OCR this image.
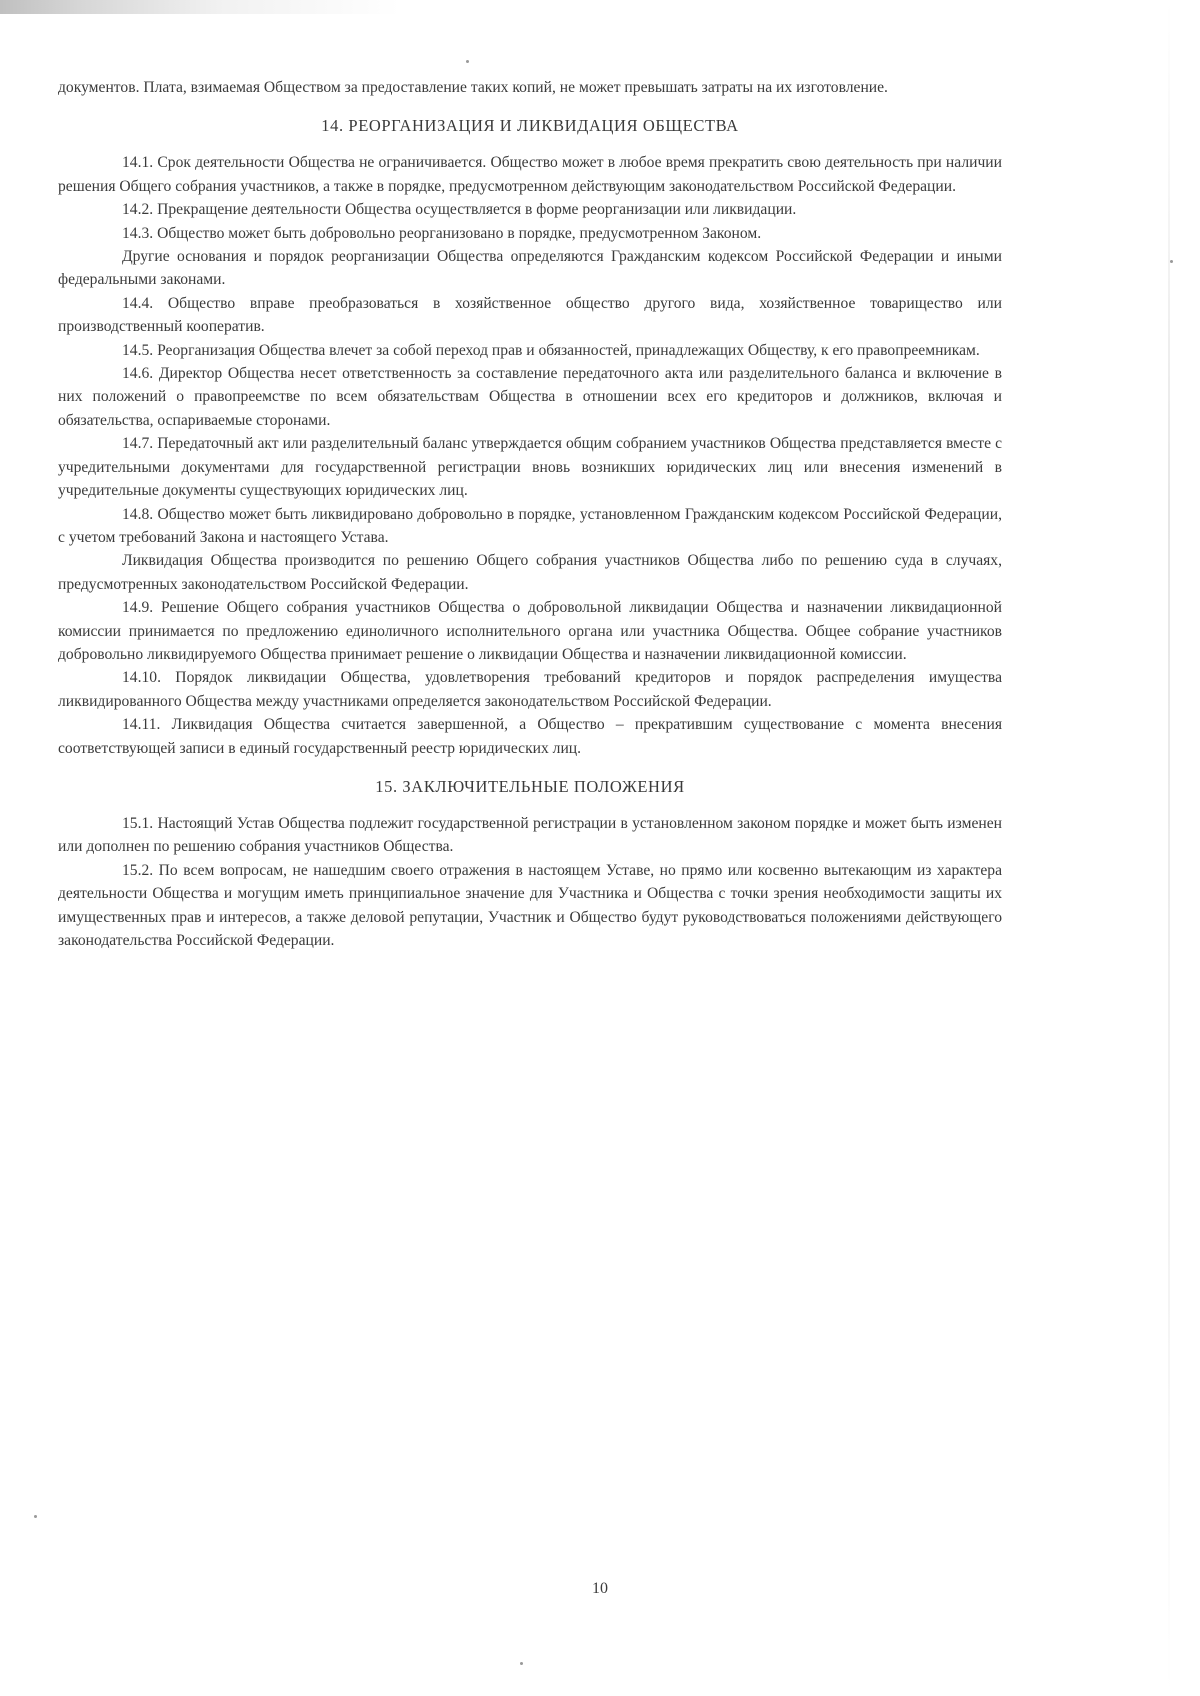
документов. Плата, взимаемая Обществом за предоставление таких копий, не может превышать затраты на их изготовление.

14. РЕОРГАНИЗАЦИЯ И ЛИКВИДАЦИЯ ОБЩЕСТВА

14.1. Срок деятельности Общества не ограничивается. Общество может в любое время прекратить свою деятельность при наличии решения Общего собрания участников, а также в порядке, предусмотренном действующим законодательством Российской Федерации.

14.2. Прекращение деятельности Общества осуществляется в форме реорганизации или ликвидации.

14.3. Общество может быть добровольно реорганизовано в порядке, предусмотренном Законом.

Другие основания и порядок реорганизации Общества определяются Гражданским кодексом Российской Федерации и иными федеральными законами.

14.4. Общество вправе преобразоваться в хозяйственное общество другого вида, хозяйственное товарищество или производственный кооператив.

14.5. Реорганизация Общества влечет за собой переход прав и обязанностей, принадлежащих Обществу, к его правопреемникам.

14.6. Директор Общества несет ответственность за составление передаточного акта или разделительного баланса и включение в них положений о правопреемстве по всем обязательствам Общества в отношении всех его кредиторов и должников, включая и обязательства, оспариваемые сторонами.

14.7. Передаточный акт или разделительный баланс утверждается общим собранием участников Общества представляется вместе с учредительными документами для государственной регистрации вновь возникших юридических лиц или внесения изменений в учредительные документы существующих юридических лиц.

14.8. Общество может быть ликвидировано добровольно в порядке, установленном Гражданским кодексом Российской Федерации, с учетом требований Закона и настоящего Устава.

Ликвидация Общества производится по решению Общего собрания участников Общества либо по решению суда в случаях, предусмотренных законодательством Российской Федерации.

14.9. Решение Общего собрания участников Общества о добровольной ликвидации Общества и назначении ликвидационной комиссии принимается по предложению единоличного исполнительного органа или участника Общества. Общее собрание участников добровольно ликвидируемого Общества принимает решение о ликвидации Общества и назначении ликвидационной комиссии.

14.10. Порядок ликвидации Общества, удовлетворения требований кредиторов и порядок распределения имущества ликвидированного Общества между участниками определяется законодательством Российской Федерации.

14.11. Ликвидация Общества считается завершенной, а Общество – прекратившим существование с момента внесения соответствующей записи в единый государственный реестр юридических лиц.

15. ЗАКЛЮЧИТЕЛЬНЫЕ ПОЛОЖЕНИЯ

15.1. Настоящий Устав Общества подлежит государственной регистрации в установленном законом порядке и может быть изменен или дополнен по решению собрания участников Общества.

15.2. По всем вопросам, не нашедшим своего отражения в настоящем Уставе, но прямо или косвенно вытекающим из характера деятельности Общества и могущим иметь принципиальное значение для Участника и Общества с точки зрения необходимости защиты их имущественных прав и интересов, а также деловой репутации, Участник и Общество будут руководствоваться положениями действующего законодательства Российской Федерации.

10
